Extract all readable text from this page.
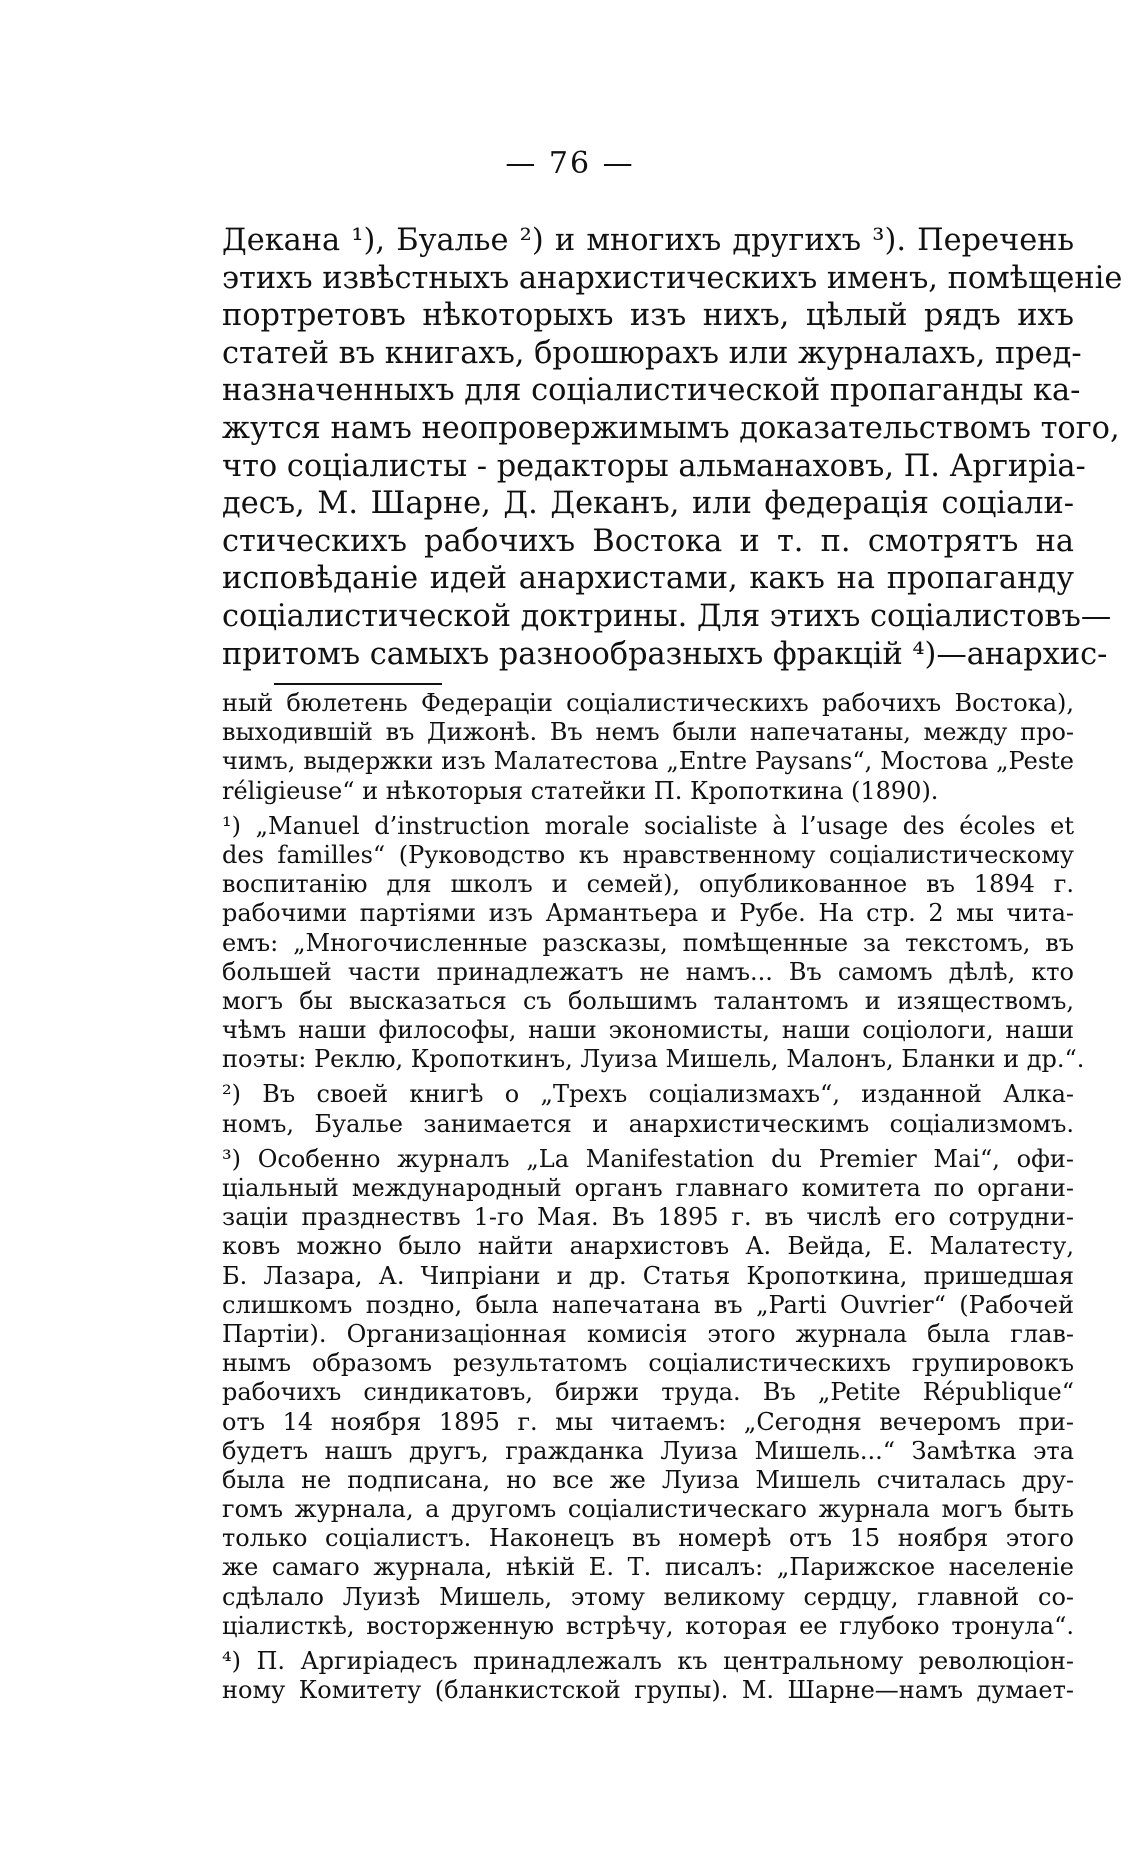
— 76 —
Декана ¹), Буалье ²) и многихъ другихъ ³). Перечень
этихъ извѣстныхъ анархистическихъ именъ, помѣщеніе
портретовъ нѣкоторыхъ изъ нихъ, цѣлый рядъ ихъ
статей въ книгахъ, брошюрахъ или журналахъ, пред-
назначенныхъ для соціалистической пропаганды ка-
жутся намъ неопровержимымъ доказательствомъ того,
что соціалисты - редакторы альманаховъ, П. Аргиріа-
десъ, М. Шарне, Д. Деканъ, или федерація соціали-
стическихъ рабочихъ Востока и т. п. смотрятъ на
исповѣданіе идей анархистами, какъ на пропаганду
соціалистической доктрины. Для этихъ соціалистовъ—
притомъ самыхъ разнообразныхъ фракцій ⁴)—анархис-
ный бюлетень Федераціи соціалистическихъ рабочихъ Востока),
выходившій въ Дижонѣ. Въ немъ были напечатаны, между про-
чимъ, выдержки изъ Малатестова „Entre Paysans“, Мостова „Peste
réligieuse“ и нѣкоторыя статейки П. Кропоткина (1890).
¹) „Manuel d’instruction morale socialiste à l’usage des écoles et
des familles“ (Руководство къ нравственному соціалистическому
воспитанію для школъ и семей), опубликованное въ 1894 г.
рабочими партіями изъ Армантьера и Рубе. На стр. 2 мы чита-
емъ: „Многочисленные разсказы, помѣщенные за текстомъ, въ
большей части принадлежатъ не намъ... Въ самомъ дѣлѣ, кто
могъ бы высказаться съ большимъ талантомъ и изяществомъ,
чѣмъ наши философы, наши экономисты, наши соціологи, наши
поэты: Реклю, Кропоткинъ, Луиза Мишель, Малонъ, Бланки и др.“.
²) Въ своей книгѣ о „Трехъ соціализмахъ“, изданной Алка-
номъ, Буалье занимается и анархистическимъ соціализмомъ.
³) Особенно журналъ „La Manifestation du Premier Mai“, офи-
ціальный международный органъ главнаго комитета по органи-
заціи празднествъ 1-го Мая. Въ 1895 г. въ числѣ его сотрудни-
ковъ можно было найти анархистовъ А. Вейда, Е. Малатесту,
Б. Лазара, А. Чипріани и др. Статья Кропоткина, пришедшая
слишкомъ поздно, была напечатана въ „Parti Ouvrier“ (Рабочей
Партіи). Организаціонная комисія этого журнала была глав-
нымъ образомъ результатомъ соціалистическихъ групировокъ
рабочихъ синдикатовъ, биржи труда. Въ „Petite République“
отъ 14 ноября 1895 г. мы читаемъ: „Сегодня вечеромъ при-
будетъ нашъ другъ, гражданка Луиза Мишель...“ Замѣтка эта
была не подписана, но все же Луиза Мишель считалась дру-
гомъ журнала, а другомъ соціалистическаго журнала могъ быть
только соціалистъ. Наконецъ въ номерѣ отъ 15 ноября этого
же самаго журнала, нѣкій Е. Т. писалъ: „Парижское населеніе
сдѣлало Луизѣ Мишель, этому великому сердцу, главной со-
ціалисткѣ, восторженную встрѣчу, которая ее глубоко тронула“.
⁴) П. Аргиріадесъ принадлежалъ къ центральному революціон-
ному Комитету (бланкистской групы). М. Шарне—намъ думает-
